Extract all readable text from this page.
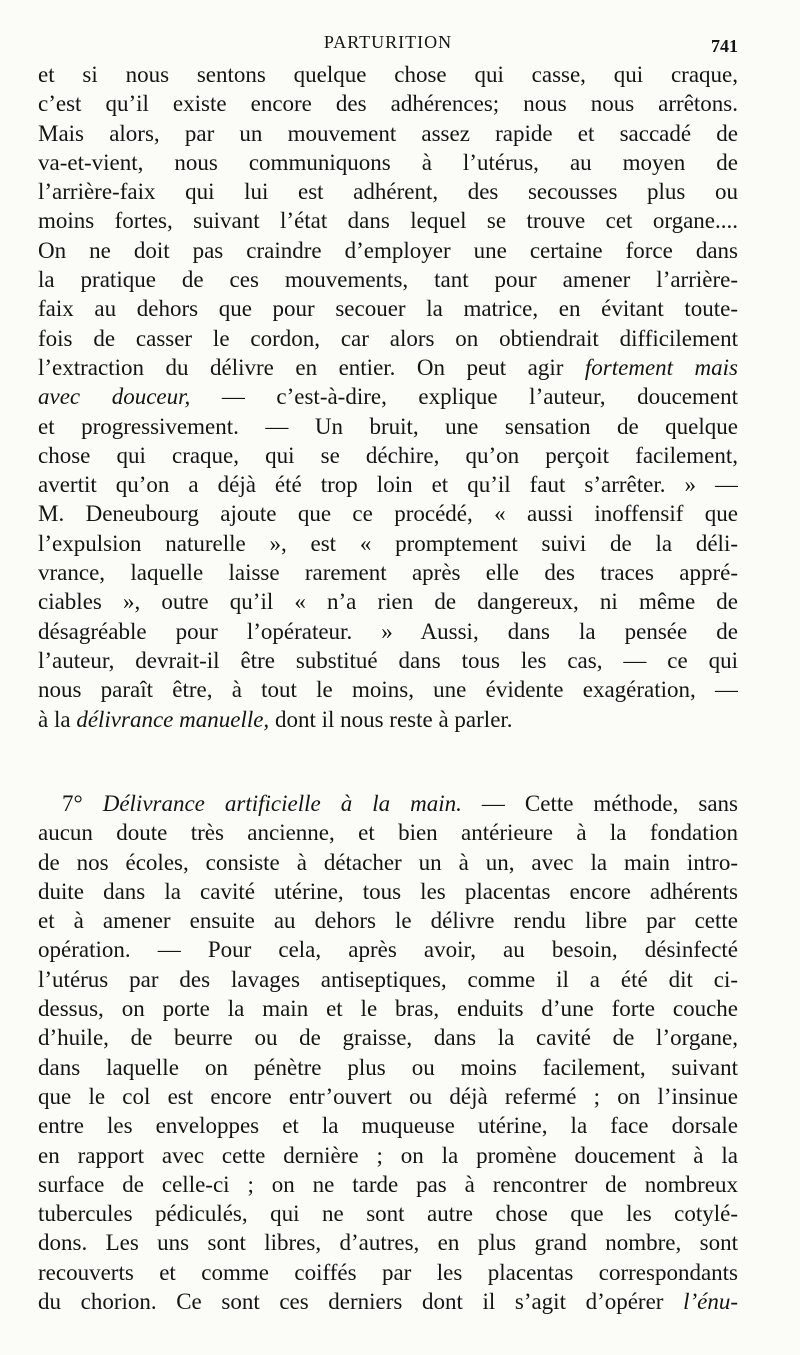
PARTURITION	741
et si nous sentons quelque chose qui casse, qui craque,
c’est qu’il existe encore des adhérences; nous nous arrêtons.
Mais alors, par un mouvement assez rapide et saccadé de
va-et-vient, nous communiquons à l’utérus, au moyen de
l’arrière-faix qui lui est adhérent, des secousses plus ou
moins fortes, suivant l’état dans lequel se trouve cet organe....
On ne doit pas craindre d’employer une certaine force dans
la pratique de ces mouvements, tant pour amener l’arrière-
faix au dehors que pour secouer la matrice, en évitant toute-
fois de casser le cordon, car alors on obtiendrait difficilement
l’extraction du délivre en entier. On peut agir fortement mais
avec douceur, — c’est-à-dire, explique l’auteur, doucement
et progressivement. — Un bruit, une sensation de quelque
chose qui craque, qui se déchire, qu’on perçoit facilement,
avertit qu’on a déjà été trop loin et qu’il faut s’arrêter. » —
M. Deneubourg ajoute que ce procédé, « aussi inoffensif que
l’expulsion naturelle », est « promptement suivi de la déli-
vrance, laquelle laisse rarement après elle des traces appré-
ciables », outre qu’il « n’a rien de dangereux, ni même de
désagréable pour l’opérateur. » Aussi, dans la pensée de
l’auteur, devrait-il être substitué dans tous les cas, — ce qui
nous paraît être, à tout le moins, une évidente exagération, —
à la délivrance manuelle, dont il nous reste à parler.
7° Délivrance artificielle à la main. — Cette méthode, sans
aucun doute très ancienne, et bien antérieure à la fondation
de nos écoles, consiste à détacher un à un, avec la main intro-
duite dans la cavité utérine, tous les placentas encore adhérents
et à amener ensuite au dehors le délivre rendu libre par cette
opération. — Pour cela, après avoir, au besoin, désinfecté
l’utérus par des lavages antiseptiques, comme il a été dit ci-
dessus, on porte la main et le bras, enduits d’une forte couche
d’huile, de beurre ou de graisse, dans la cavité de l’organe,
dans laquelle on pénètre plus ou moins facilement, suivant
que le col est encore entr’ouvert ou déjà refermé ; on l’insinue
entre les enveloppes et la muqueuse utérine, la face dorsale
en rapport avec cette dernière ; on la promène doucement à la
surface de celle-ci ; on ne tarde pas à rencontrer de nombreux
tubercules pédiculés, qui ne sont autre chose que les cotylé-
dons. Les uns sont libres, d’autres, en plus grand nombre, sont
recouverts et comme coiffés par les placentas correspondants
du chorion. Ce sont ces derniers dont il s’agit d’opérer l’énu-
